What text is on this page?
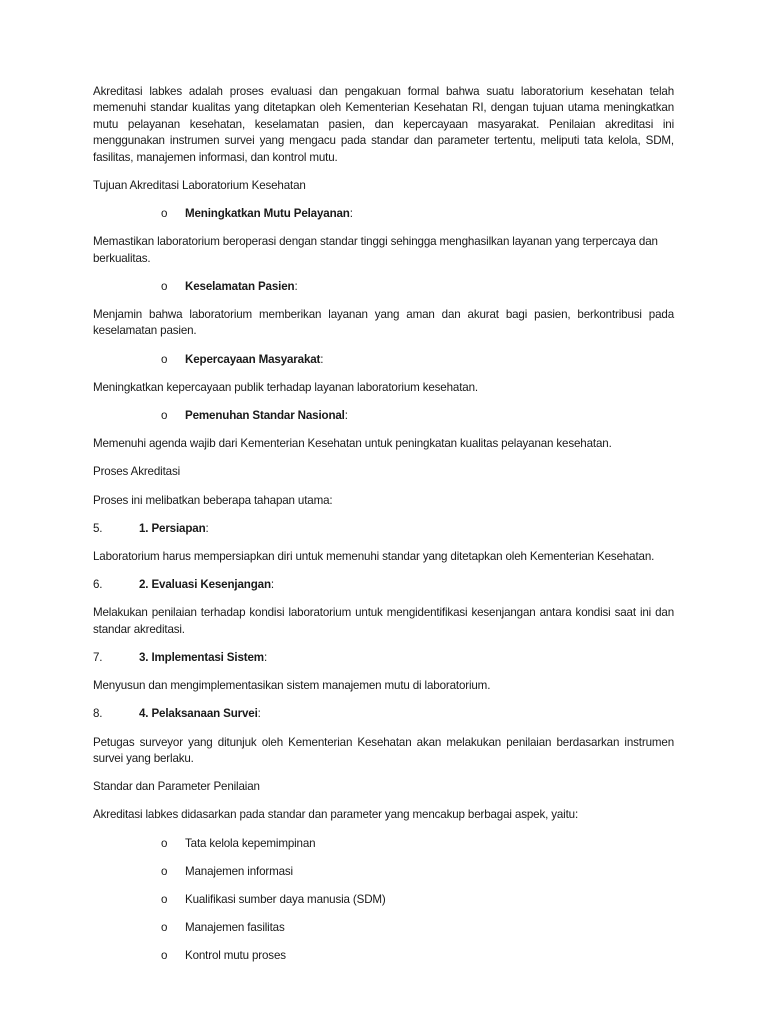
Akreditasi labkes adalah proses evaluasi dan pengakuan formal bahwa suatu laboratorium kesehatan telah memenuhi standar kualitas yang ditetapkan oleh Kementerian Kesehatan RI, dengan tujuan utama meningkatkan mutu pelayanan kesehatan, keselamatan pasien, dan kepercayaan masyarakat. Penilaian akreditasi ini menggunakan instrumen survei yang mengacu pada standar dan parameter tertentu, meliputi tata kelola, SDM, fasilitas, manajemen informasi, dan kontrol mutu.

Tujuan Akreditasi Laboratorium Kesehatan

o	Meningkatkan Mutu Pelayanan:

Memastikan laboratorium beroperasi dengan standar tinggi sehingga menghasilkan layanan yang terpercaya dan berkualitas.

o	Keselamatan Pasien:

Menjamin bahwa laboratorium memberikan layanan yang aman dan akurat bagi pasien, berkontribusi pada keselamatan pasien.

o	Kepercayaan Masyarakat:

Meningkatkan kepercayaan publik terhadap layanan laboratorium kesehatan.

o	Pemenuhan Standar Nasional:

Memenuhi agenda wajib dari Kementerian Kesehatan untuk peningkatan kualitas pelayanan kesehatan.

Proses Akreditasi

Proses ini melibatkan beberapa tahapan utama:

5.	1. Persiapan:

Laboratorium harus mempersiapkan diri untuk memenuhi standar yang ditetapkan oleh Kementerian Kesehatan.

6.	2. Evaluasi Kesenjangan:

Melakukan penilaian terhadap kondisi laboratorium untuk mengidentifikasi kesenjangan antara kondisi saat ini dan standar akreditasi.

7.	3. Implementasi Sistem:

Menyusun dan mengimplementasikan sistem manajemen mutu di laboratorium.

8.	4. Pelaksanaan Survei:

Petugas surveyor yang ditunjuk oleh Kementerian Kesehatan akan melakukan penilaian berdasarkan instrumen survei yang berlaku.

Standar dan Parameter Penilaian

Akreditasi labkes didasarkan pada standar dan parameter yang mencakup berbagai aspek, yaitu:

o	Tata kelola kepemimpinan
o	Manajemen informasi
o	Kualifikasi sumber daya manusia (SDM)
o	Manajemen fasilitas
o	Kontrol mutu proses
